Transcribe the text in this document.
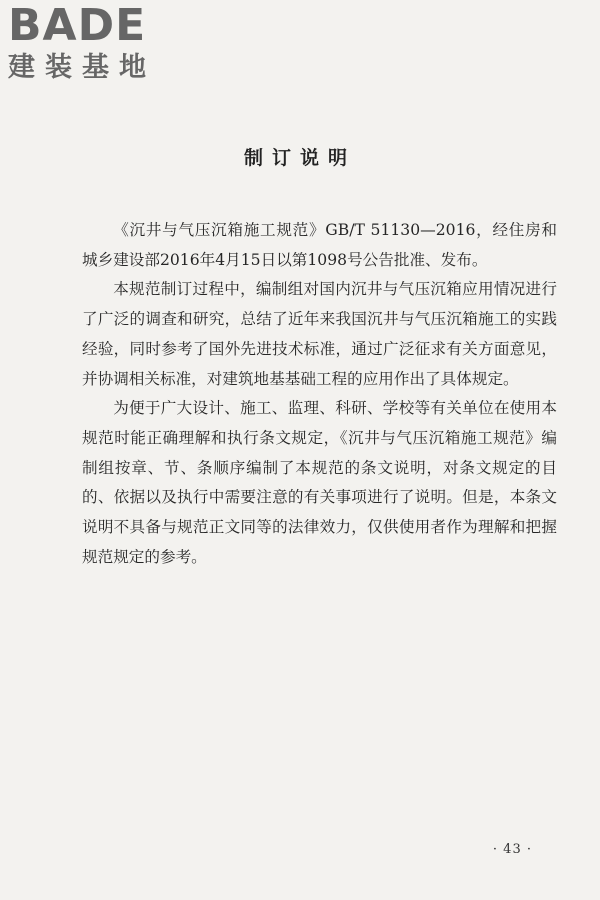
BADE
建装基地
制订说明

《沉井与气压沉箱施工规范》GB/T 51130—2016，经住房和城乡建设部2016年4月15日以第1098号公告批准、发布。

本规范制订过程中，编制组对国内沉井与气压沉箱应用情况进行了广泛的调查和研究，总结了近年来我国沉井与气压沉箱施工的实践经验，同时参考了国外先进技术标准，通过广泛征求有关方面意见，并协调相关标准，对建筑地基基础工程的应用作出了具体规定。

为便于广大设计、施工、监理、科研、学校等有关单位在使用本规范时能正确理解和执行条文规定，《沉井与气压沉箱施工规范》编制组按章、节、条顺序编制了本规范的条文说明，对条文规定的目的、依据以及执行中需要注意的有关事项进行了说明。但是，本条文说明不具备与规范正文同等的法律效力，仅供使用者作为理解和把握规范规定的参考。

· 43 ·
